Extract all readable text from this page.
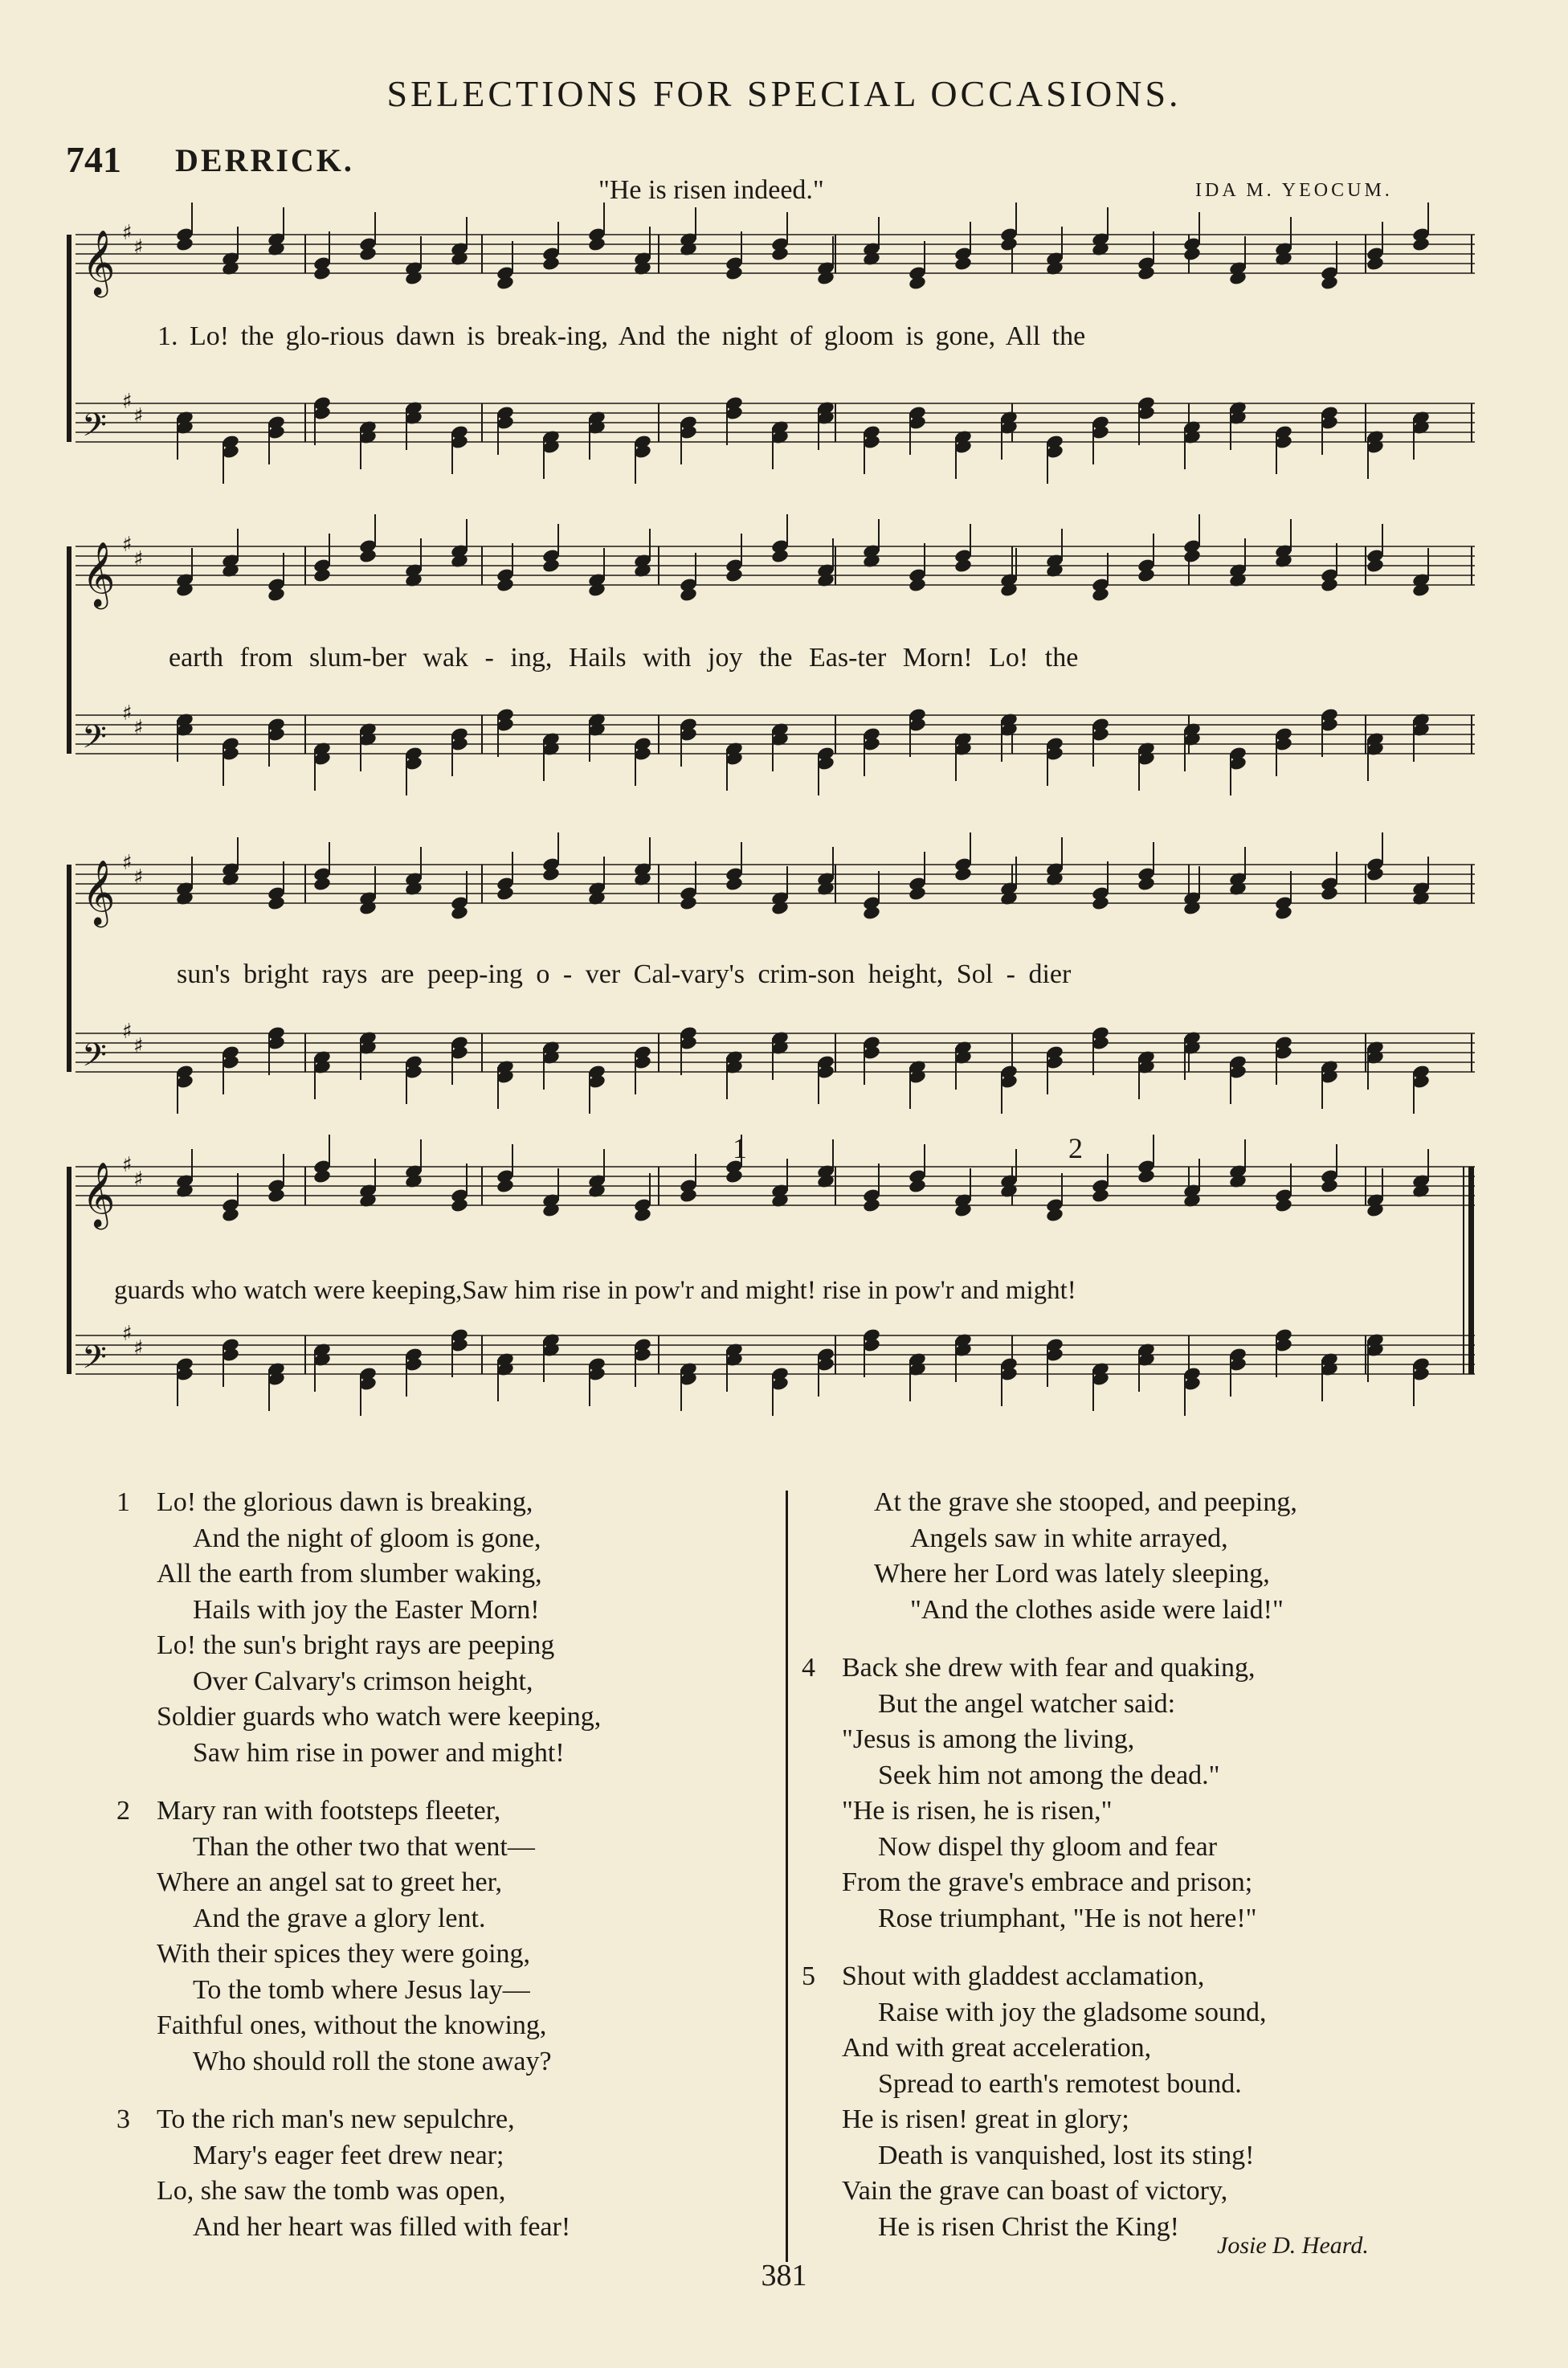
SELECTIONS FOR SPECIAL OCCASIONS.
741 DERRICK.
"He is risen indeed."	IDA M. YEOCUM.
𝄞 ♯
♯
𝄢
♯
♯
1. Lo! the glo-rious dawn is break-ing, And the night of gloom is gone, All the
𝄞 ♯
♯
𝄢
♯
♯
earth from slum-ber wak - ing, Hails with joy the Eas-ter Morn! Lo! the
𝄞 ♯
♯
𝄢
♯
♯
sun's bright rays are peep-ing o - ver Cal-vary's crim-son height, Sol - dier
𝄞 ♯
♯
𝄢
♯
♯
guards who watch were keeping,Saw him rise in pow'r and might! rise in pow'r and might!
1	2
1 Lo! the glorious dawn is breaking,
And the night of gloom is gone,
All the earth from slumber waking,
Hails with joy the Easter Morn!
Lo! the sun's bright rays are peeping
Over Calvary's crimson height,
Soldier guards who watch were keeping,
Saw him rise in power and might!
2 Mary ran with footsteps fleeter,
Than the other two that went—
Where an angel sat to greet her,
And the grave a glory lent.
With their spices they were going,
To the tomb where Jesus lay—
Faithful ones, without the knowing,
Who should roll the stone away?
3 To the rich man's new sepulchre,
Mary's eager feet drew near;
Lo, she saw the tomb was open,
And her heart was filled with fear!
At the grave she stooped, and peeping,
Angels saw in white arrayed,
Where her Lord was lately sleeping,
"And the clothes aside were laid!"
4 Back she drew with fear and quaking,
But the angel watcher said:
"Jesus is among the living,
Seek him not among the dead."
"He is risen, he is risen,"
Now dispel thy gloom and fear
From the grave's embrace and prison;
Rose triumphant, "He is not here!"
5 Shout with gladdest acclamation,
Raise with joy the gladsome sound,
And with great acceleration,
Spread to earth's remotest bound.
He is risen! great in glory;
Death is vanquished, lost its sting!
Vain the grave can boast of victory,
He is risen Christ the King!
Josie D. Heard.
381
